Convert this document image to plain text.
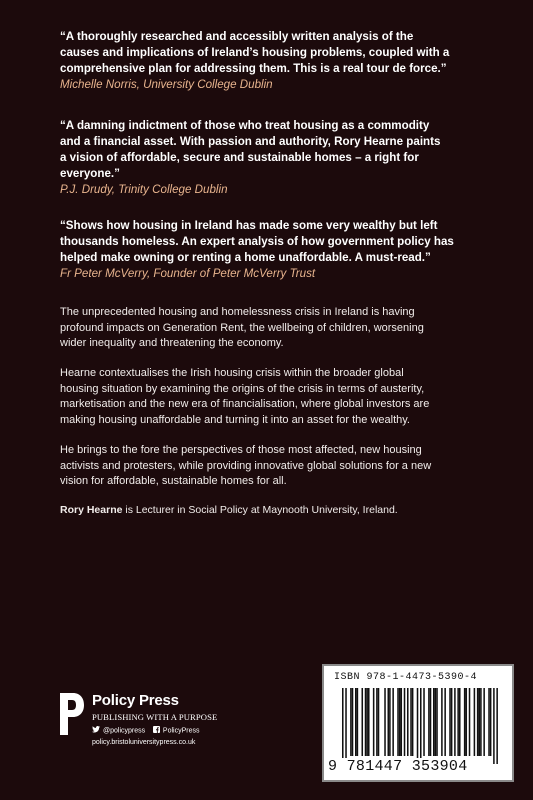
“A thoroughly researched and accessibly written analysis of the
causes and implications of Ireland’s housing problems, coupled with a
comprehensive plan for addressing them. This is a real tour de force.”

Michelle Norris, University College Dublin

“A damning indictment of those who treat housing as a commodity
and a financial asset. With passion and authority, Rory Hearne paints
a vision of affordable, secure and sustainable homes – a right for
everyone.”

P.J. Drudy, Trinity College Dublin

“Shows how housing in Ireland has made some very wealthy but left
thousands homeless. An expert analysis of how government policy has
helped make owning or renting a home unaffordable. A must-read.”

Fr Peter McVerry, Founder of Peter McVerry Trust

The unprecedented housing and homelessness crisis in Ireland is having
profound impacts on Generation Rent, the wellbeing of children, worsening
wider inequality and threatening the economy.

Hearne contextualises the Irish housing crisis within the broader global
housing situation by examining the origins of the crisis in terms of austerity,
marketisation and the new era of financialisation, where global investors are
making housing unaffordable and turning it into an asset for the wealthy.

He brings to the fore the perspectives of those most affected, new housing
activists and protesters, while providing innovative global solutions for a new
vision for affordable, sustainable homes for all.

Rory Hearne is Lecturer in Social Policy at Maynooth University, Ireland.
Policy Press
PUBLISHING WITH A PURPOSE
@policypress	PolicyPress
policy.bristoluniversitypress.co.uk
ISBN 978-1-4473-5390-4
9 781447 353904
